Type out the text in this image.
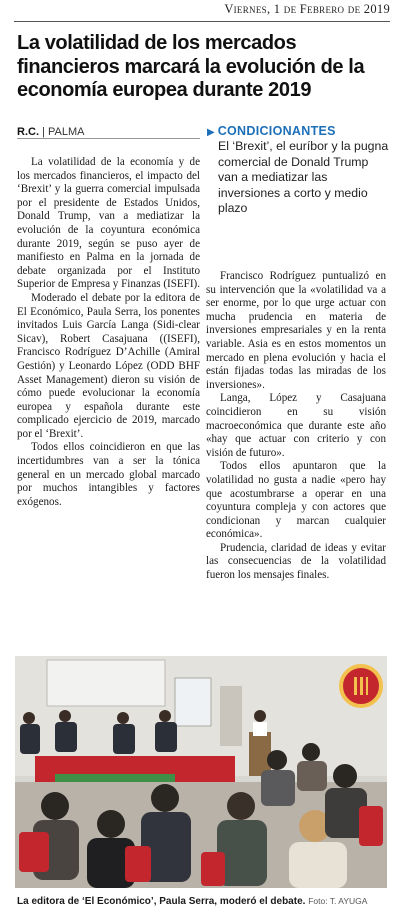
Viernes, 1 de Febrero de 2019
La volatilidad de los mercados financieros marcará la evolución de la economía europea durante 2019
R.C. | PALMA

La volatilidad de la economía y de los mercados financieros, el impacto del ‘Brexit’ y la guerra comercial impulsada por el presidente de Estados Unidos, Donald Trump, van a mediatizar la evolución de la coyuntura económica durante 2019, según se puso ayer de manifiesto en Palma en la jornada de debate organizada por el Instituto Superior de Empresa y Finanzas (ISEFI).

Moderado el debate por la editora de El Económico, Paula Serra, los ponentes invitados Luis García Langa (Sidi-clear Sicav), Robert Casajuana ((ISEFI), Francisco Rodríguez D’Achille (Amiral Gestión) y Leonardo López (ODD BHF Asset Management) dieron su visión de cómo puede evolucionar la economía europea y española durante este complicado ejercicio de 2019, marcado por el ‘Brexit’.

Todos ellos coincidieron en que las incertidumbres van a ser la tónica general en un mercado global marcado por muchos intangibles y factores exógenos.

▶ CONDICIONANTES

El ‘Brexit’, el euríbor y la pugna comercial de Donald Trump van a mediatizar las inversiones a corto y medio plazo

Francisco Rodríguez puntualizó en su intervención que la «volatilidad va a ser enorme, por lo que urge actuar con mucha prudencia en materia de inversiones empresariales y en la renta variable. Asia es en estos momentos un mercado en plena evolución y hacia el están fijadas todas las miradas de los inversiones».

Langa, López y Casajuana coincidieron en su visión macroeconómica que durante este año «hay que actuar con criterio y con visión de futuro».

Todos ellos apuntaron que la volatilidad no gusta a nadie «pero hay que acostumbrarse a operar en una coyuntura compleja y con actores que condicionan y marcan cualquier económica».

Prudencia, claridad de ideas y evitar las consecuencias de la volatilidad fueron los mensajes finales.

La editora de ‘El Económico’, Paula Serra, moderó el debate. Foto: T. AYUGA
